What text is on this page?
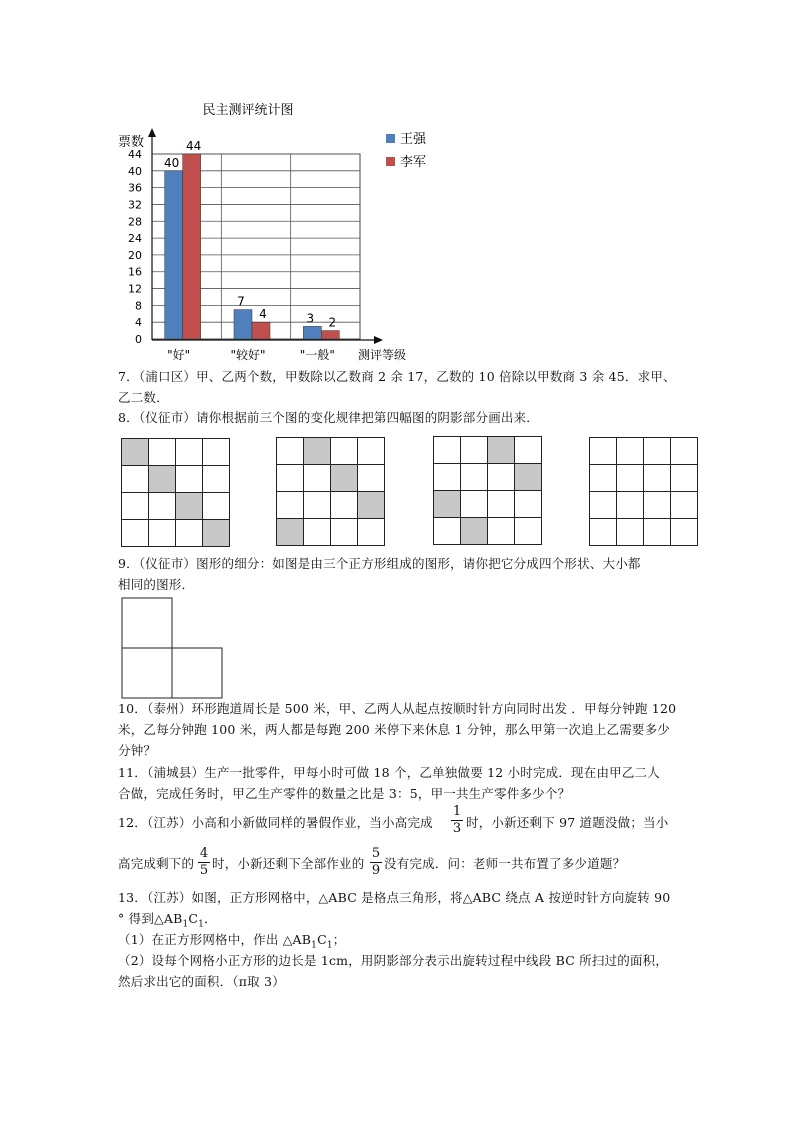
民主测评统计图
票数
测评等级
0
4
8
12
16
20
24
28
32
36
40
44
40
44
"好"
7
4
"较好"
3 2
"一般"
王强
李军
7．（浦口区）甲、乙两个数，甲数除以乙数商 2 余 17，乙数的 10 倍除以甲数商 3 余 45．求甲、
乙二数．
8．（仪征市）请你根据前三个图的变化规律把第四幅图的阴影部分画出来．

9．（仪征市）图形的细分：如图是由三个正方形组成的图形，请你把它分成四个形状、大小都
相同的图形．
10．（泰州）环形跑道周长是 500 米，甲、乙两人从起点按顺时针方向同时出发 ．甲每分钟跑 120
米，乙每分钟跑 100 米，两人都是每跑 200 米停下来休息 1 分钟，那么甲第一次追上乙需要多少
分钟？
11．（浦城县）生产一批零件，甲每小时可做 18 个，乙单独做要 12 小时完成．现在由甲乙二人
合做，完成任务时，甲乙生产零件的数量之比是 3：5，甲一共生产零件多少个？
12．（江苏）小高和小新做同样的暑假作业，当小高完成
1
3 时，小新还剩下 97 道题没做；当小
高完成剩下的
4
5 时，小新还剩下全部作业的
5
9 没有完成．问：老师一共布置了多少道题？
13．（江苏）如图，正方形网格中，△ABC 是格点三角形，将△ABC 绕点 A 按逆时针方向旋转 90
° 得到$\triangle AB_1C_1$．
（1）在正方形网格中，作出 $\triangle AB_1C_1$；
（2）设每个网格小正方形的边长是 1cm，用阴影部分表示出旋转过程中线段 BC 所扫过的面积，
然后求出它的面积．（π取 3）
